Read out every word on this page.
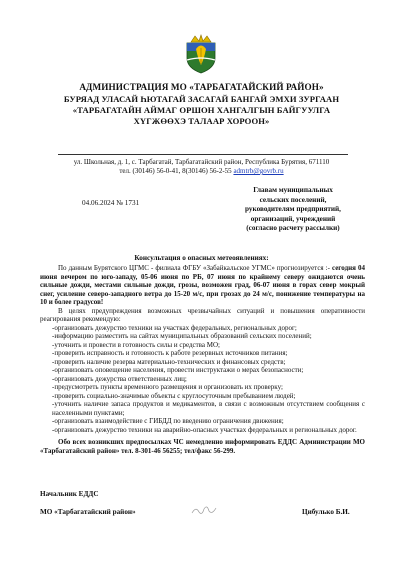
АДМИНИСТРАЦИЯ МО «ТАРБАГАТАЙСКИЙ РАЙОН»
БУРЯАД УЛАСАЙ ҺЮТАГАЙ ЗАСАГАЙ БАНГАЙ ЭМХИ ЗУРГААН
«ТАРБАГАТАЙН АЙМАГ ОРШОН ХАНГАЛГЫН БАЙГУУЛГА
ХҮГЖӨӨХЭ ТАЛААР ХОРООН»
ул. Школьная, д. 1, с. Тарбагатай, Тарбагатайский район, Республика Бурятия, 671110
тел. (30146) 56-0-41, 8(30146) 56-2-55 admtrb@govrb.ru
04.06.2024 № 1731
Главам муниципальных
сельских поселений,
руководителям предприятий,
организаций, учреждений
(согласно расчету рассылки)
Консультация о опасных метеоявлениях:

По данным Бурятского ЦГМС - филиала ФГБУ «Забайкальское УГМС» прогнозируется :- сегодня 04 июня вечером по юго-западу, 05-06 июня по РБ, 07 июня по крайнему северу ожидаются очень сильные дожди, местами сильные дожди, грозы, возможен град, 06-07 июня в горах север мокрый снег, усиление северо-западного ветра до 15-20 м/с, при грозах до 24 м/с, понижение температуры на 10 и более градусов!

В целях предупреждения возможных чрезвычайных ситуаций и повышения оперативности реагирования рекомендую:

-организовать дежурство техники на участках федеральных, региональных дорог;

-информацию разместить на сайтах муниципальных образований сельских поселений;

-уточнить и провести в готовность силы и средства МО;

-проверить исправность и готовность к работе резервных источников питания;

-проверить наличие резерва материально-технических и финансовых средств;

-организовать оповещение населения, провести инструктажи о мерах безопасности;

-организовать дежурства ответственных лиц;

-предусмотреть пункты временного размещения и организовать их проверку;

-проверить социально-значимые объекты с круглосуточным пребыванием людей;

-уточнить наличие запаса продуктов и медикаментов, в связи с возможным отсутствием сообщения с населенными пунктами;

-организовать взаимодействие с ГИБДД по введению ограничения движения;

-организовать дежурство техники на аварийно-опасных участках федеральных и региональных дорог.

Обо всех возникших предпосылках ЧС немедленно информировать ЕДДС Администрации МО «Тарбагатайский район» тел. 8-301-46 56255; тел/факс 56-299.

Начальник ЕДДС
МО «Тарбагатайский район»	Цибулько Б.И.
